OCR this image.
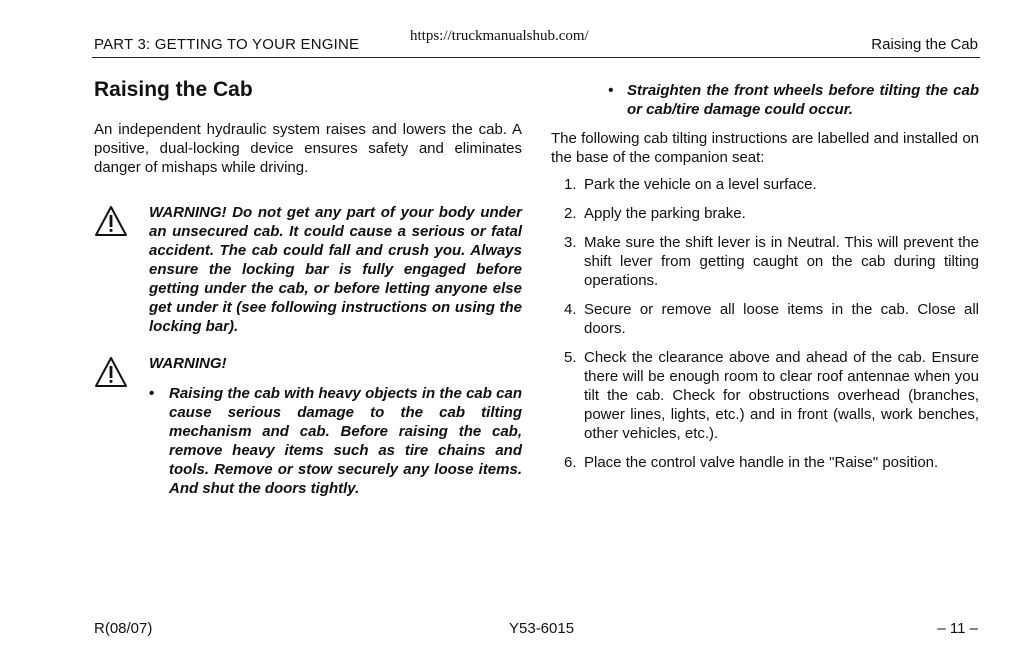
PART 3: GETTING TO YOUR ENGINE	https://truckmanualshub.com/	Raising the Cab
Raising the Cab

An independent hydraulic system raises and lowers the cab. A positive, dual-locking device ensures safety and eliminates danger of mishaps while driving.

WARNING! Do not get any part of your body under an unsecured cab. It could cause a serious or fatal accident. The cab could fall and crush you. Always ensure the locking bar is fully engaged before getting under the cab, or before letting anyone else get under it (see following instructions on using the locking bar).

WARNING!

• Raising the cab with heavy objects in the cab can cause serious damage to the cab tilting mechanism and cab. Before raising the cab, remove heavy items such as tire chains and tools. Remove or stow securely any loose items. And shut the doors tightly.

• Straighten the front wheels before tilting the cab or cab/tire damage could occur.

The following cab tilting instructions are labelled and installed on the base of the companion seat:

1. Park the vehicle on a level surface.
2. Apply the parking brake.
3. Make sure the shift lever is in Neutral. This will prevent the shift lever from getting caught on the cab during tilting operations.
4. Secure or remove all loose items in the cab. Close all doors.
5. Check the clearance above and ahead of the cab. Ensure there will be enough room to clear roof antennae when you tilt the cab. Check for obstructions overhead (branches, power lines, lights, etc.) and in front (walls, work benches, other vehicles, etc.).
6. Place the control valve handle in the "Raise" position.
R(08/07)	Y53-6015	– 11 –
